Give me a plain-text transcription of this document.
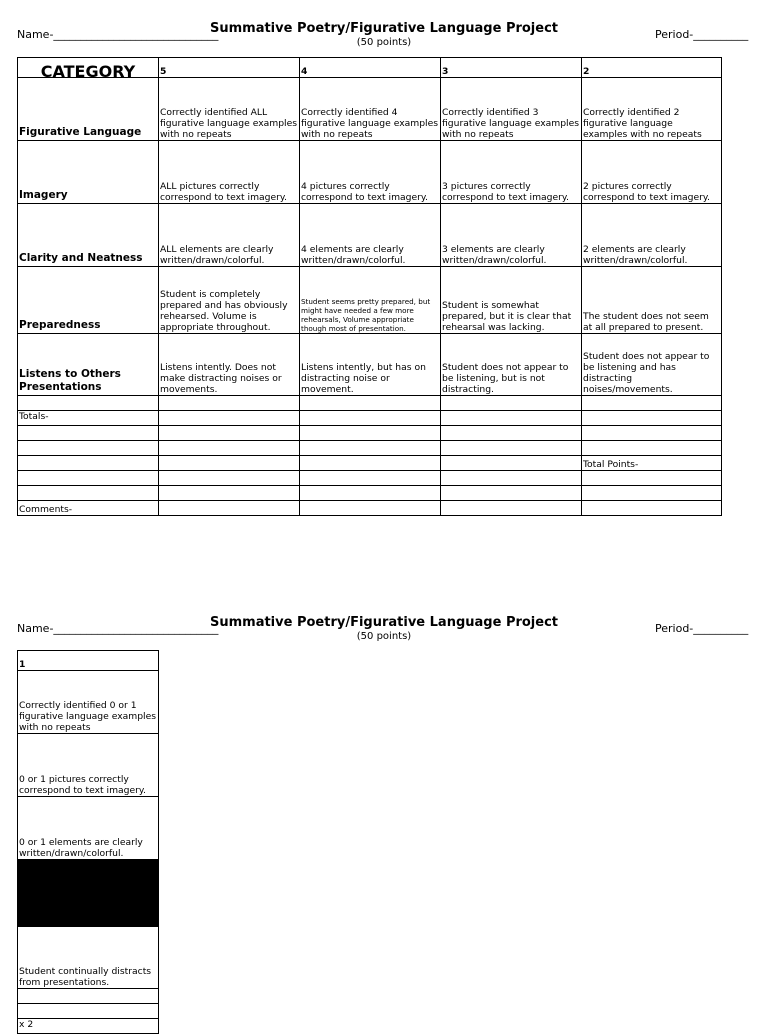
Name-______________________________
Summative Poetry/Figurative Language Project
(50 points)
Period-__________
CATEGORY	5	4	3	2
Figurative Language	Correctly identified ALL figurative language examples with no repeats	Correctly identified 4 figurative language examples with no repeats	Correctly identified 3 figurative language examples with no repeats	Correctly identified 2 figurative language examples with no repeats
Imagery	ALL pictures correctly correspond to text imagery.	4 pictures correctly correspond to text imagery.	3 pictures correctly correspond to text imagery.	2 pictures correctly correspond to text imagery.
Clarity and Neatness	ALL elements are clearly written/drawn/colorful.	4 elements are clearly written/drawn/colorful.	3 elements are clearly written/drawn/colorful.	2 elements are clearly written/drawn/colorful.
Preparedness	Student is completely prepared and has obviously rehearsed. Volume is appropriate throughout.	Student seems pretty prepared, but might have needed a few more rehearsals, Volume appropriate though most of presentation.	Student is somewhat prepared, but it is clear that rehearsal was lacking.	The student does not seem at all prepared to present.
Listens to Others Presentations	Listens intently. Does not make distracting noises or movements.	Listens intently, but has on distracting noise or movement.	Student does not appear to be listening, but is not distracting.	Student does not appear to be listening and has distracting noises/movements.

Totals-				

				Total Points-

Comments-				
Name-______________________________
Summative Poetry/Figurative Language Project
(50 points)
Period-__________
1
Correctly identified 0 or 1 figurative language examples with no repeats
0 or 1 pictures correctly correspond to text imagery.
0 or 1 elements are clearly written/drawn/colorful.

Student continually distracts from presentations.

x 2
